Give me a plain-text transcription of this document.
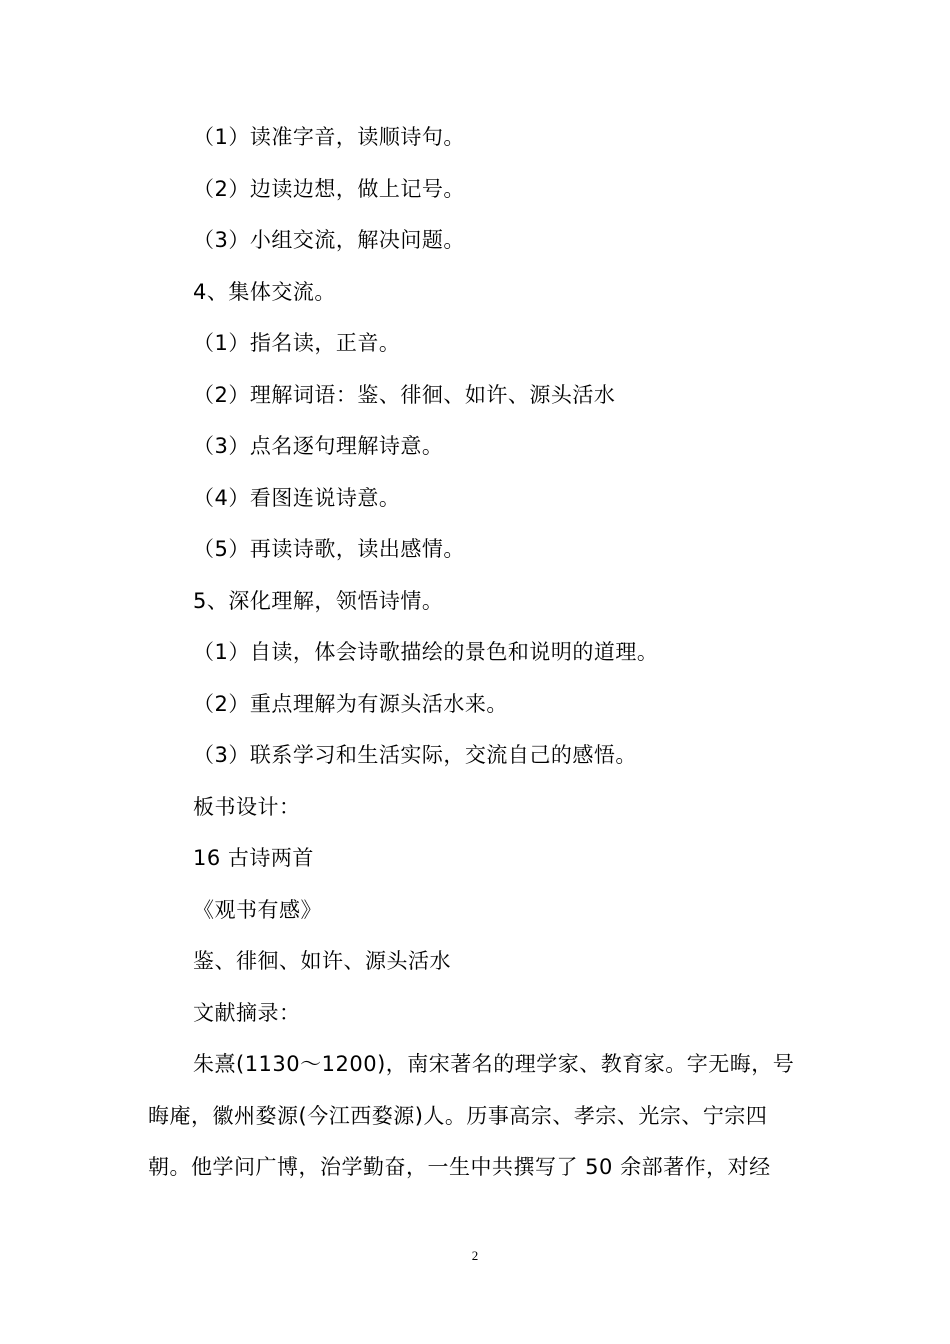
（1）读准字音，读顺诗句。
（2）边读边想，做上记号。
（3）小组交流，解决问题。
4、集体交流。
（1）指名读，正音。
（2）理解词语：鉴、徘徊、如许、源头活水
（3）点名逐句理解诗意。
（4）看图连说诗意。
（5）再读诗歌，读出感情。
5、深化理解，领悟诗情。
（1）自读，体会诗歌描绘的景色和说明的道理。
（2）重点理解为有源头活水来。
（3）联系学习和生活实际，交流自己的感悟。
板书设计：
16 古诗两首
《观书有感》
鉴、徘徊、如许、源头活水
文献摘录：
朱熹(1130～1200)，南宋著名的理学家、教育家。字无晦，号
晦庵，徽州婺源(今江西婺源)人。历事高宗、孝宗、光宗、宁宗四
朝。他学问广博，治学勤奋，一生中共撰写了 50 余部著作，对经
2
